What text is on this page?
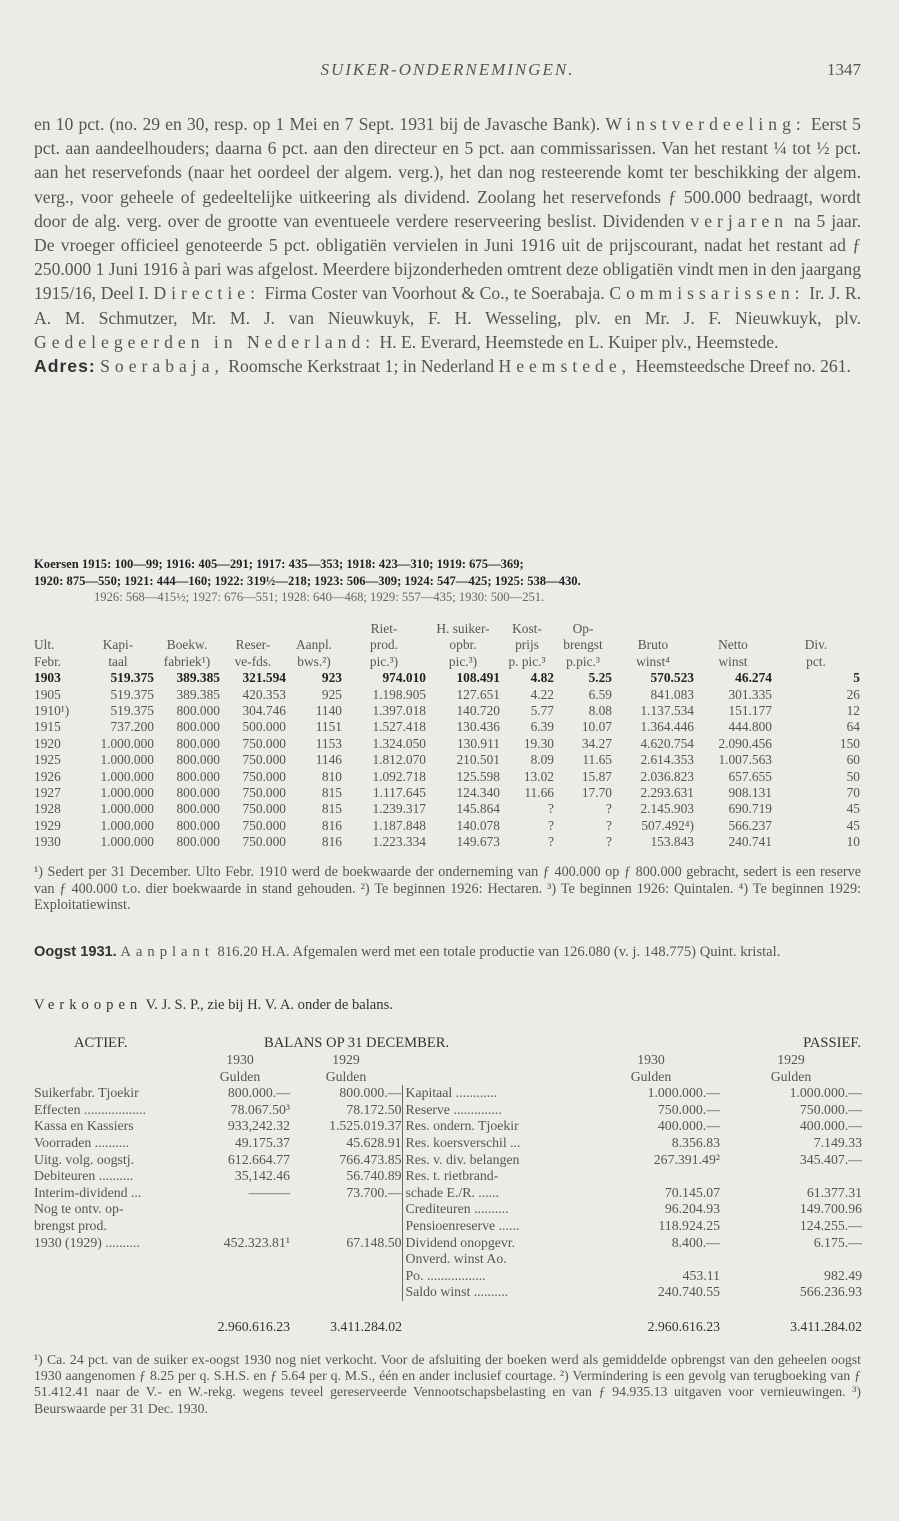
SUIKER-ONDERNEMINGEN.	1347

en 10 pct. (no. 29 en 30, resp. op 1 Mei en 7 Sept. 1931 bij de Javasche Bank). Winstverdeeling: Eerst 5 pct. aan aandeelhouders; daarna 6 pct. aan den directeur en 5 pct. aan commissarissen. Van het restant ¼ tot ½ pct. aan het reservefonds (naar het oordeel der algem. verg.), het dan nog resteerende komt ter beschikking der algem. verg., voor geheele of gedeeltelijke uitkeering als dividend. Zoolang het reservefonds ƒ 500.000 bedraagt, wordt door de alg. verg. over de grootte van eventueele verdere reserveering beslist. Dividenden verjaren na 5 jaar. De vroeger officieel genoteerde 5 pct. obligatiën vervielen in Juni 1916 uit de prijscourant, nadat het restant ad ƒ 250.000 1 Juni 1916 à pari was afgelost. Meerdere bijzonderheden omtrent deze obligatiën vindt men in den jaargang 1915/16, Deel I. Directie: Firma Coster van Voorhout & Co., te Soerabaja. Commissarissen: Ir. J. R. A. M. Schmutzer, Mr. M. J. van Nieuwkuyk, F. H. Wesseling, plv. en Mr. J. F. Nieuwkuyk, plv. Gedelegeerden in Nederland: H. E. Everard, Heemstede en L. Kuiper plv., Heemstede.

Adres: Soerabaja, Roomsche Kerkstraat 1; in Nederland Heemstede, Heemsteedsche Dreef no. 261.

Koersen 1915: 100—99; 1916: 405—291; 1917: 435—353; 1918: 423—310; 1919: 675—369;
1920: 875—550; 1921: 444—160; 1922: 319½—218; 1923: 506—309; 1924: 547—425; 1925: 538—430.
1926: 568—415½; 1927: 676—551; 1928: 640—468; 1929: 557—435; 1930: 500—251.
					Riet-	H. suiker-	Kost-	Op-			
Ult.	Kapi-	Boekw.	Reser-	Aanpl.	prod.	opbr.	prijs	brengst	Bruto	Netto	Div.
Febr.	taal	fabriek¹)	ve-fds.	bws.²)	pic.³)	pic.³)	p. pic.³	p.pic.³	winst⁴	winst	pct.
1903	519.375	389.385	321.594	923	974.010	108.491	4.82	5.25	570.523	46.274	5
1905	519.375	389.385	420.353	925	1.198.905	127.651	4.22	6.59	841.083	301.335	26
1910¹)	519.375	800.000	304.746	1140	1.397.018	140.720	5.77	8.08	1.137.534	151.177	12
1915	737.200	800.000	500.000	1151	1.527.418	130.436	6.39	10.07	1.364.446	444.800	64
1920	1.000.000	800.000	750.000	1153	1.324.050	130.911	19.30	34.27	4.620.754	2.090.456	150
1925	1.000.000	800.000	750.000	1146	1.812.070	210.501	8.09	11.65	2.614.353	1.007.563	60
1926	1.000.000	800.000	750.000	810	1.092.718	125.598	13.02	15.87	2.036.823	657.655	50
1927	1.000.000	800.000	750.000	815	1.117.645	124.340	11.66	17.70	2.293.631	908.131	70
1928	1.000.000	800.000	750.000	815	1.239.317	145.864	?	?	2.145.903	690.719	45
1929	1.000.000	800.000	750.000	816	1.187.848	140.078	?	?	507.492⁴)	566.237	45
1930	1.000.000	800.000	750.000	816	1.223.334	149.673	?	?	153.843	240.741	10
¹) Sedert per 31 December. Ulto Febr. 1910 werd de boekwaarde der onderneming van ƒ 400.000 op ƒ 800.000 gebracht, sedert is een reserve van ƒ 400.000 t.o. dier boekwaarde in stand gehouden. ²) Te beginnen 1926: Hectaren. ³) Te beginnen 1926: Quintalen. ⁴) Te beginnen 1929: Exploitatiewinst.
Oogst 1931. Aanplant 816.20 H.A. Afgemalen werd met een totale productie van 126.080 (v. j. 148.775) Quint. kristal.
Verkoopen V. J. S. P., zie bij H. V. A. onder de balans.
ACTIEF.	BALANS OP 31 DECEMBER.	PASSIEF.
	1930	1929		1930	1929
	Gulden	Gulden		Gulden	Gulden
Suikerfabr. Tjoekir	800.000.—	800.000.—	Kapitaal ............	1.000.000.—	1.000.000.—
Effecten ..................	78.067.50³	78.172.50	Reserve ..............	750.000.—	750.000.—
Kassa en Kassiers	933,242.32	1.525.019.37	Res. ondern. Tjoekir	400.000.—	400.000.—
Voorraden ..........	49.175.37	45.628.91	Res. koersverschil ...	8.356.83	7.149.33
Uitg. volg. oogstj.	612.664.77	766.473.85	Res. v. div. belangen	267.391.49²	345.407.—
Debiteuren ..........	35,142.46	56.740.89	Res. t. rietbrand-		
Interim-dividend ...	———	73.700.—	schade E./R. ......	70.145.07	61.377.31
Nog te ontv. op-			Crediteuren ..........	96.204.93	149.700.96
brengst prod.			Pensioenreserve ......	118.924.25	124.255.—
1930 (1929) ..........	452.323.81¹	67.148.50	Dividend onopgevr.	8.400.—	6.175.—
			Onverd. winst Ao.		
			Po. .................	453.11	982.49
			Saldo winst ..........	240.740.55	566.236.93
	2.960.616.23	3.411.284.02		2.960.616.23	3.411.284.02
¹) Ca. 24 pct. van de suiker ex-oogst 1930 nog niet verkocht. Voor de afsluiting der boeken werd als gemiddelde opbrengst van den geheelen oogst 1930 aangenomen ƒ 8.25 per q. S.H.S. en ƒ 5.64 per q. M.S., één en ander inclusief courtage. ²) Vermindering is een gevolg van terugboeking van ƒ 51.412.41 naar de V.- en W.-rekg. wegens teveel gereserveerde Vennootschapsbelasting en van ƒ 94.935.13 uitgaven voor vernieuwingen. ³) Beurswaarde per 31 Dec. 1930.
